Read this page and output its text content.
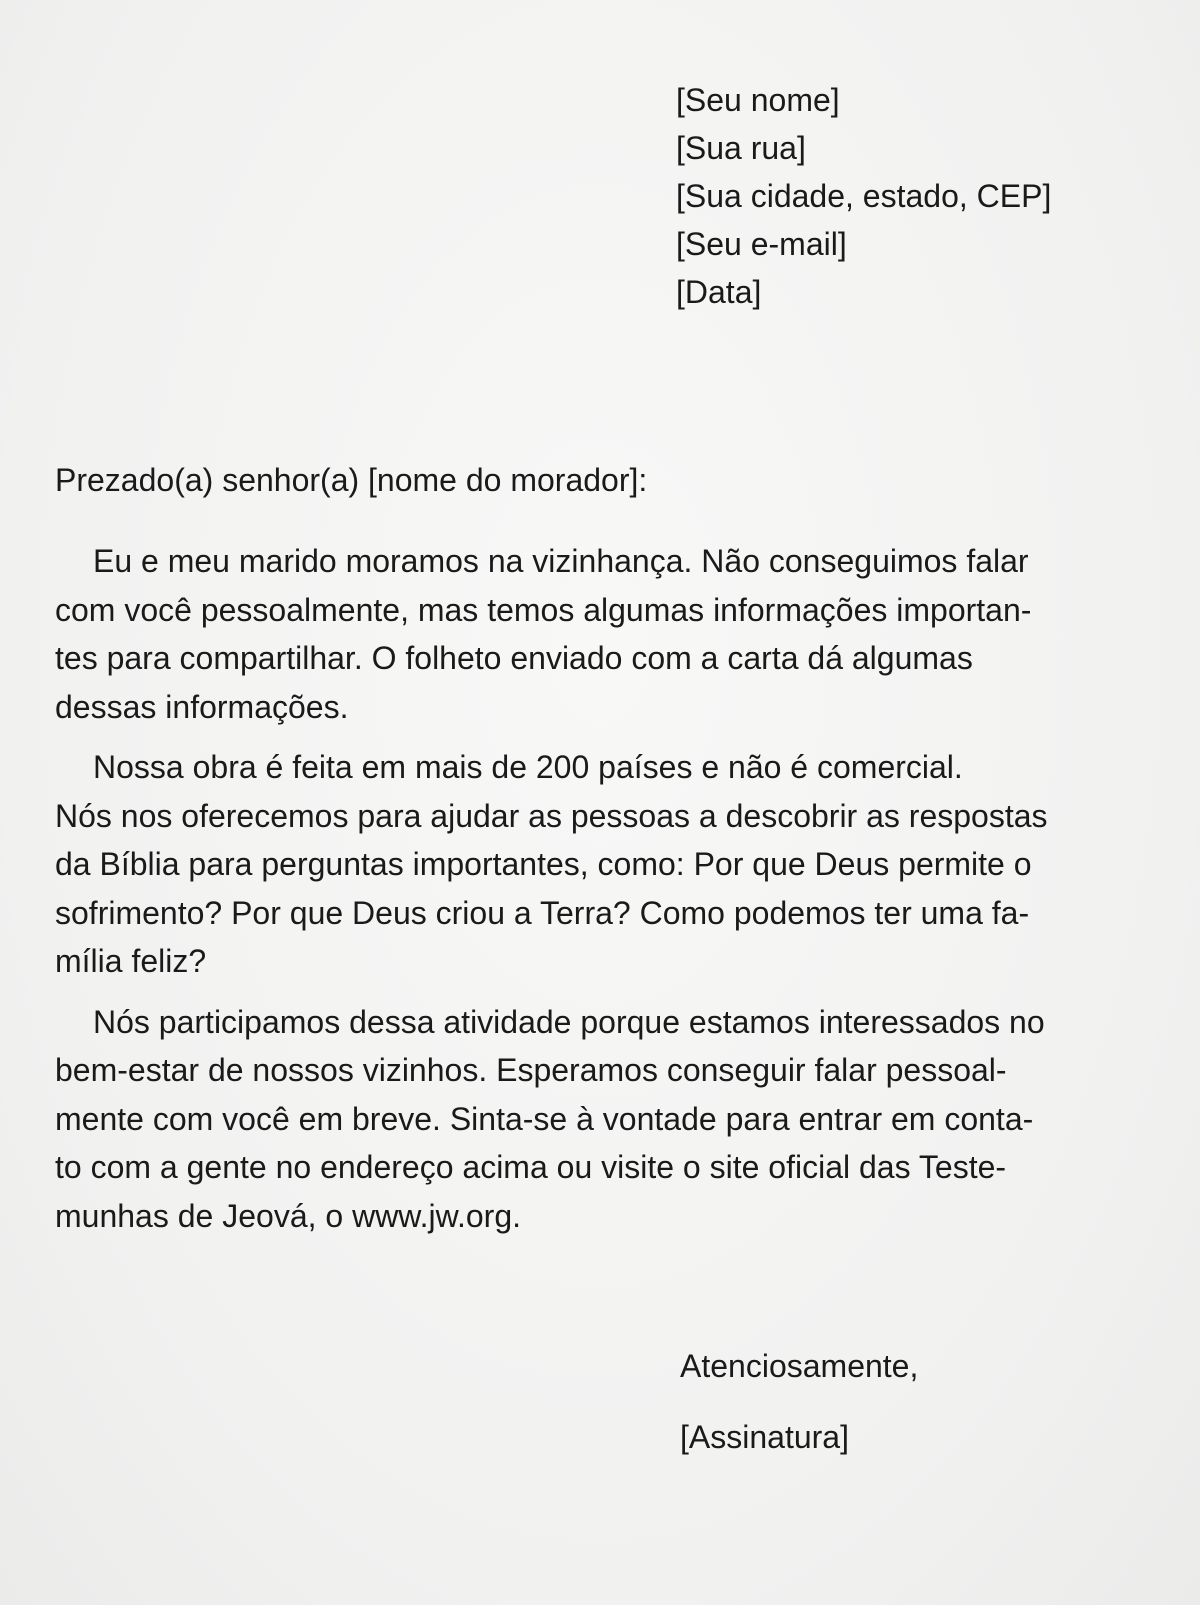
[Seu nome]
[Sua rua]
[Sua cidade, estado, CEP]
[Seu e-mail]
[Data]
Prezado(a) senhor(a) [nome do morador]:

Eu e meu marido moramos na vizinhança. Não conseguimos falar
com você pessoalmente, mas temos algumas informações importan-
tes para compartilhar. O folheto enviado com a carta dá algumas
dessas informações.

Nossa obra é feita em mais de 200 países e não é comercial.
Nós nos oferecemos para ajudar as pessoas a descobrir as respostas
da Bíblia para perguntas importantes, como: Por que Deus permite o
sofrimento? Por que Deus criou a Terra? Como podemos ter uma fa-
mília feliz?

Nós participamos dessa atividade porque estamos interessados no
bem-estar de nossos vizinhos. Esperamos conseguir falar pessoal-
mente com você em breve. Sinta-se à vontade para entrar em conta-
to com a gente no endereço acima ou visite o site oficial das Teste-
munhas de Jeová, o www.jw.org.

Atenciosamente,
[Assinatura]
